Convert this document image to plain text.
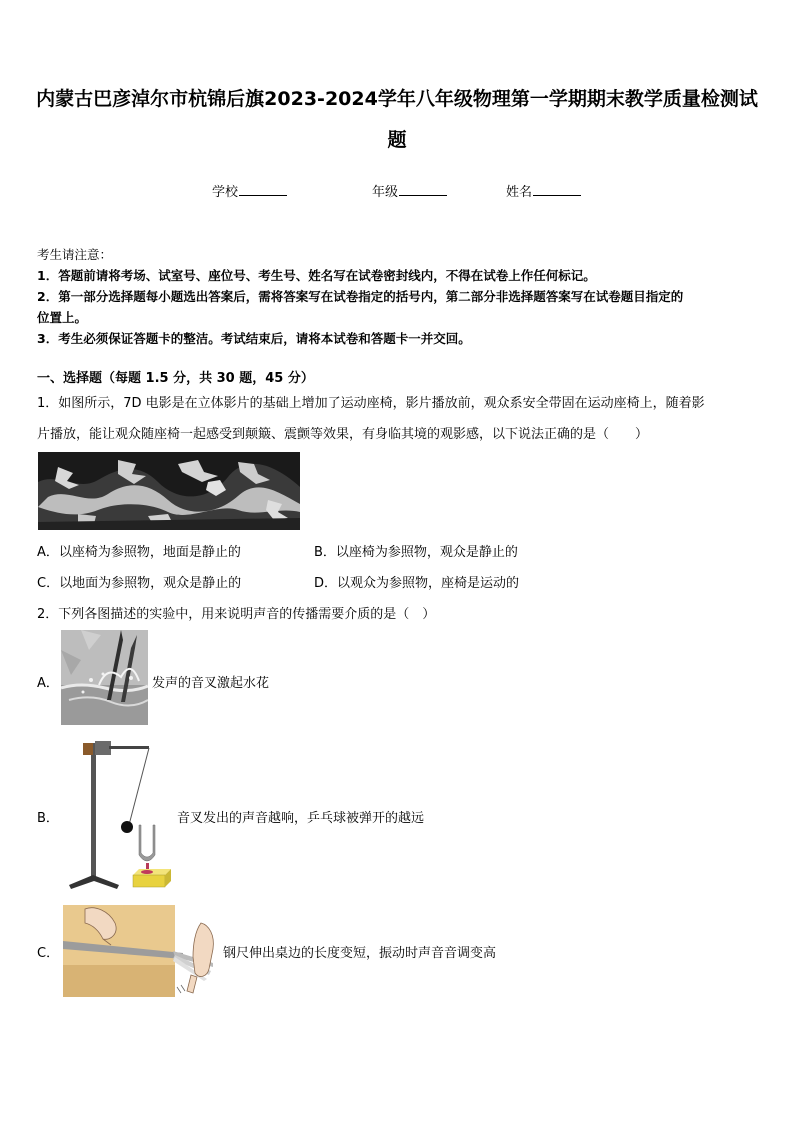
内蒙古巴彦淖尔市杭锦后旗2023-2024学年八年级物理第一学期期末教学质量检测试
题
学校	年级	姓名
考生请注意：
1．答题前请将考场、试室号、座位号、考生号、姓名写在试卷密封线内，不得在试卷上作任何标记。
2．第一部分选择题每小题选出答案后，需将答案写在试卷指定的括号内，第二部分非选择题答案写在试卷题目指定的
位置上。
3．考生必须保证答题卡的整洁。考试结束后，请将本试卷和答题卡一并交回。
一、选择题（每题 1.5 分，共 30 题，45 分）
1．如图所示，7D 电影是在立体影片的基础上增加了运动座椅，影片播放前，观众系安全带固在运动座椅上，随着影
片播放，能让观众随座椅一起感受到颠簸、震颤等效果，有身临其境的观影感，以下说法正确的是（　　）
A．以座椅为参照物，地面是静止的	B．以座椅为参照物，观众是静止的
C．以地面为参照物，观众是静止的	D．以观众为参照物，座椅是运动的
2．下列各图描述的实验中，用来说明声音的传播需要介质的是（　）
A．	发声的音叉激起水花
B．	音叉发出的声音越响，乒乓球被弹开的越远
C．	钢尺伸出桌边的长度变短，振动时声音音调变高
